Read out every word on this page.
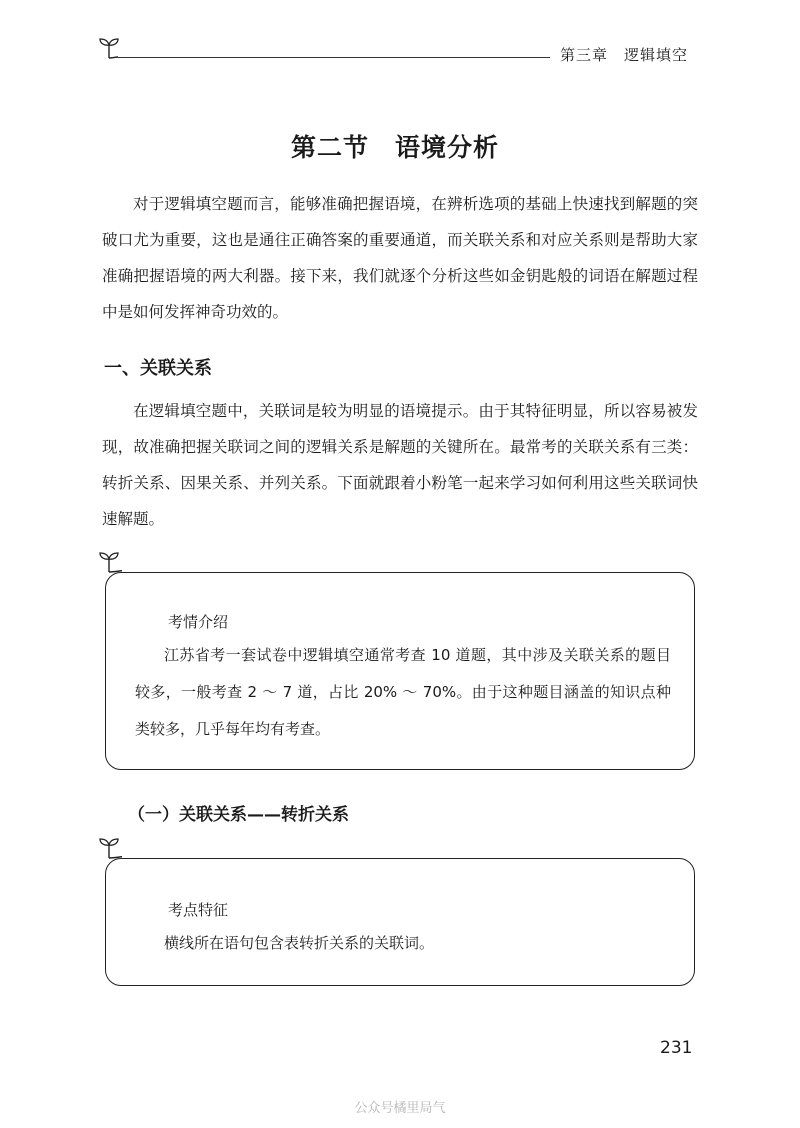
第三章　逻辑填空
第二节　语境分析

对于逻辑填空题而言，能够准确把握语境，在辨析选项的基础上快速找到解题的突破口尤为重要，这也是通往正确答案的重要通道，而关联关系和对应关系则是帮助大家准确把握语境的两大利器。接下来，我们就逐个分析这些如金钥匙般的词语在解题过程中是如何发挥神奇功效的。

一、关联关系

在逻辑填空题中，关联词是较为明显的语境提示。由于其特征明显，所以容易被发现，故准确把握关联词之间的逻辑关系是解题的关键所在。最常考的关联关系有三类：转折关系、因果关系、并列关系。下面就跟着小粉笔一起来学习如何利用这些关联词快速解题。

考情介绍

江苏省考一套试卷中逻辑填空通常考查 10 道题，其中涉及关联关系的题目较多，一般考查 2 ～ 7 道，占比 20% ～ 70%。由于这种题目涵盖的知识点种类较多，几乎每年均有考查。

（一）关联关系——转折关系
考点特征

横线所在语句包含表转折关系的关联词。

231
公众号橘里局气
